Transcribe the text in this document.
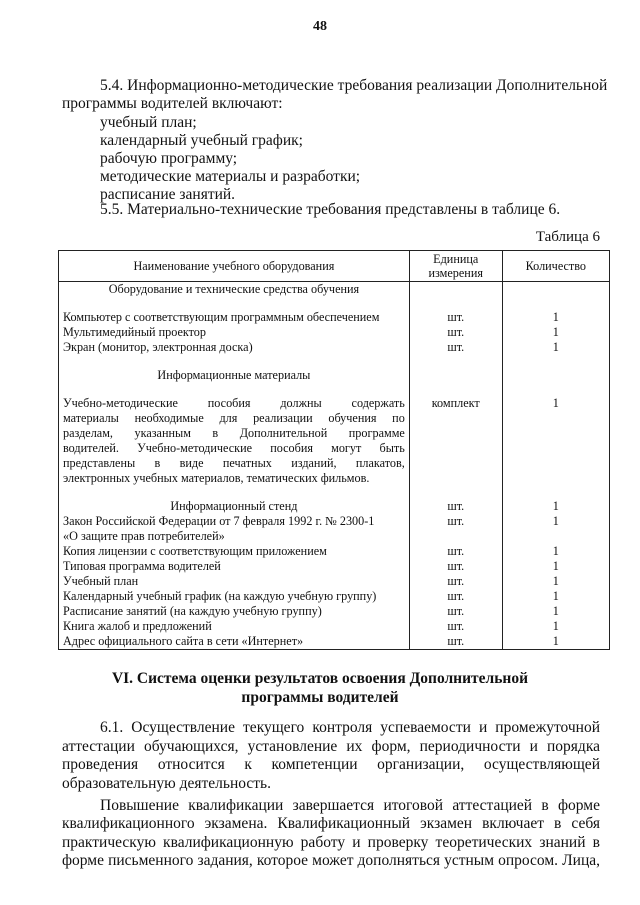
48
5.4. Информационно-методические требования реализации Дополнительной
программы водителей включают:
учебный план;
календарный учебный график;
рабочую программу;
методические материалы и разработки;
расписание занятий.
5.5. Материально-технические требования представлены в таблице 6.
Таблица 6
Наименование учебного оборудования	Единица измерения	Количество
Оборудование и технические средства обучения		

Компьютер с соответствующим программным обеспечением	шт.	1
Мультимедийный проектор	шт.	1
Экран (монитор, электронная доска)	шт.	1

Информационные материалы		

Учебно-методические пособия должны содержать	комплект	1
материалы необходимые для реализации обучения по		
разделам, указанным в Дополнительной программе		
водителей. Учебно-методические пособия могут быть		
представлены в виде печатных изданий, плакатов,		
электронных учебных материалов, тематических фильмов.		

Информационный стенд	шт.	1
Закон Российской Федерации от 7 февраля 1992 г. № 2300-1	шт.	1
«О защите прав потребителей»		
Копия лицензии с соответствующим приложением	шт.	1
Типовая программа водителей	шт.	1
Учебный план	шт.	1
Календарный учебный график (на каждую учебную группу)	шт.	1
Расписание занятий (на каждую учебную группу)	шт.	1
Книга жалоб и предложений	шт.	1
Адрес официального сайта в сети «Интернет»	шт.	1
VI. Система оценки результатов освоения Дополнительной
программы водителей
6.1. Осуществление текущего контроля успеваемости и промежуточной
аттестации обучающихся, установление их форм, периодичности и порядка
проведения относится к компетенции организации, осуществляющей
образовательную деятельность.
Повышение квалификации завершается итоговой аттестацией в форме
квалификационного экзамена. Квалификационный экзамен включает в себя
практическую квалификационную работу и проверку теоретических знаний в
форме письменного задания, которое может дополняться устным опросом. Лица,
